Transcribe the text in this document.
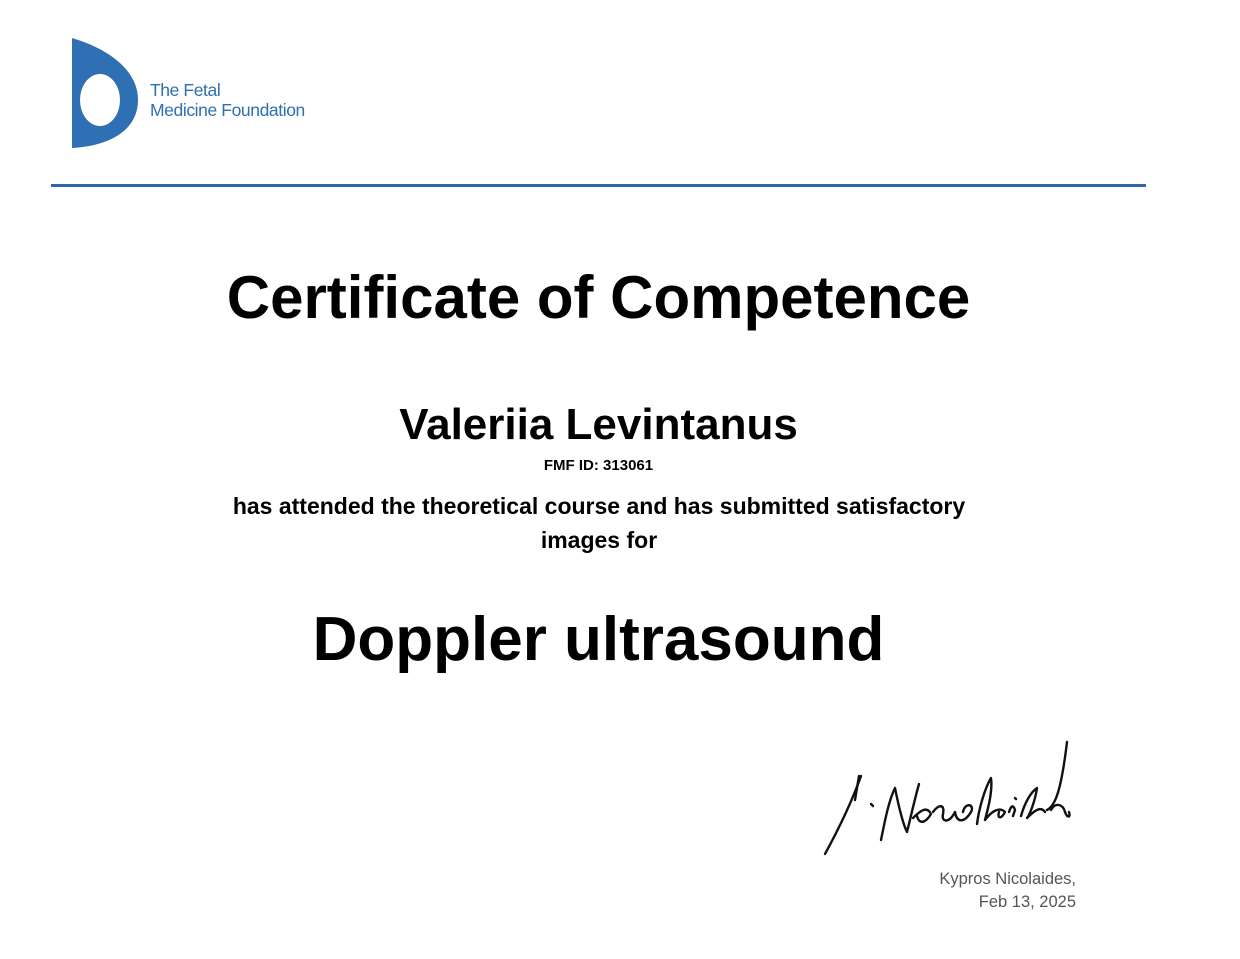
The Fetal
Medicine Foundation
Certificate of Competence
Valeriia Levintanus
FMF ID: 313061
has attended the theoretical course and has submitted satisfactory images for
Doppler ultrasound
Kypros Nicolaides,
Feb 13, 2025
